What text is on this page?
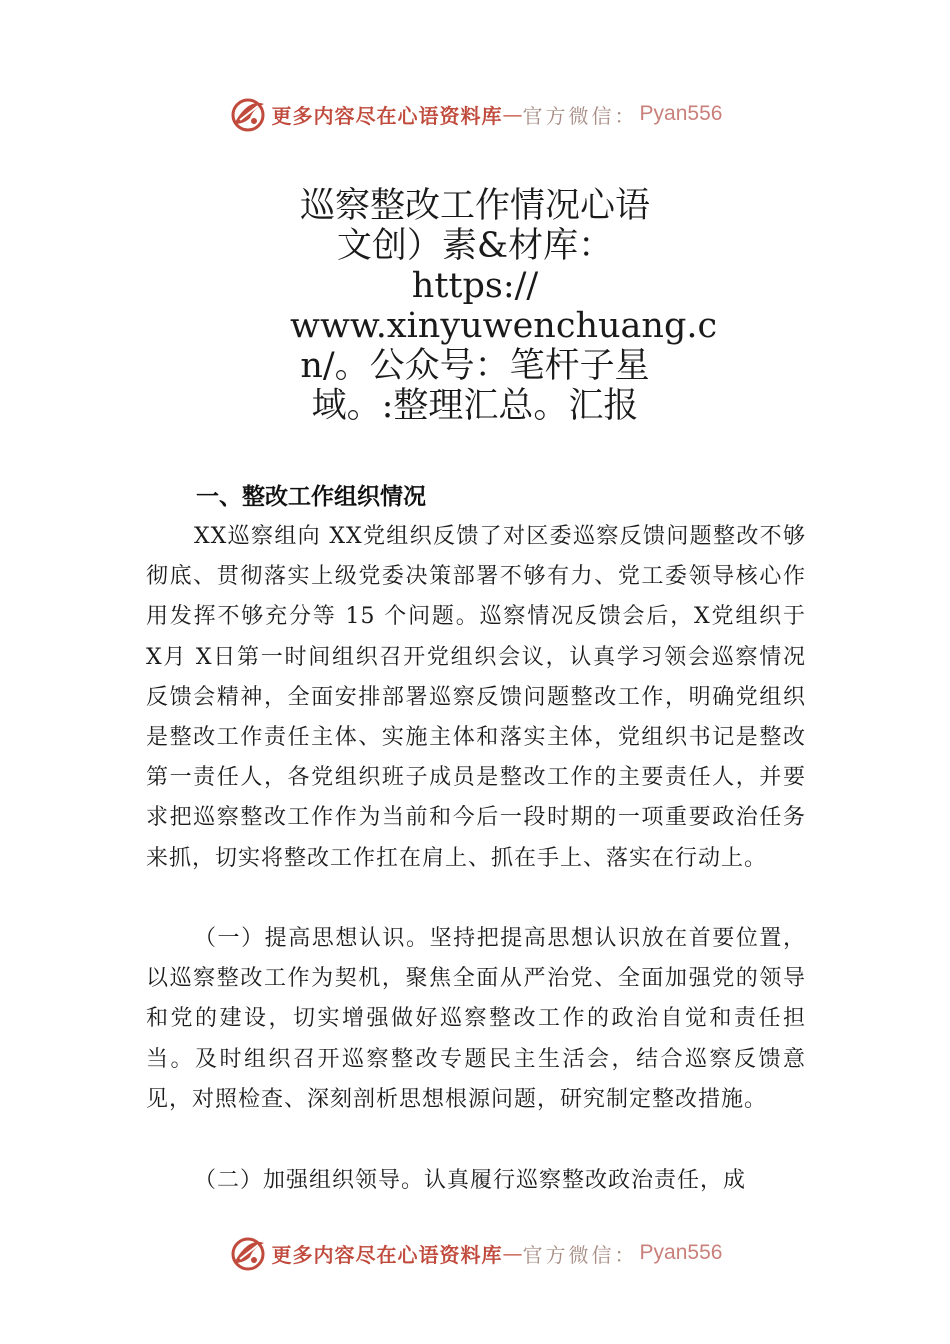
更多内容尽在心语资料库 — 官方微信： Pyan556
巡察整改工作情况心语
文创）素&材库：
https://
www.xinyuwenchuang.c
n/。公众号：笔杆子星
域。:整理汇总。汇报
一、整改工作组织情况

XX巡察组向 XX党组织反馈了对区委巡察反馈问题整改不够彻底、贯彻落实上级党委决策部署不够有力、党工委领导核心作用发挥不够充分等 15 个问题。巡察情况反馈会后，X党组织于 X月 X日第一时间组织召开党组织会议，认真学习领会巡察情况反馈会精神，全面安排部署巡察反馈问题整改工作，明确党组织是整改工作责任主体、实施主体和落实主体，党组织书记是整改第一责任人，各党组织班子成员是整改工作的主要责任人，并要求把巡察整改工作作为当前和今后一段时期的一项重要政治任务来抓，切实将整改工作扛在肩上、抓在手上、落实在行动上。

（一）提高思想认识。坚持把提高思想认识放在首要位置，以巡察整改工作为契机，聚焦全面从严治党、全面加强党的领导和党的建设，切实增强做好巡察整改工作的政治自觉和责任担当。及时组织召开巡察整改专题民主生活会，结合巡察反馈意见，对照检查、深刻剖析思想根源问题，研究制定整改措施。

（二）加强组织领导。认真履行巡察整改政治责任，成

更多内容尽在心语资料库 — 官方微信： Pyan556
